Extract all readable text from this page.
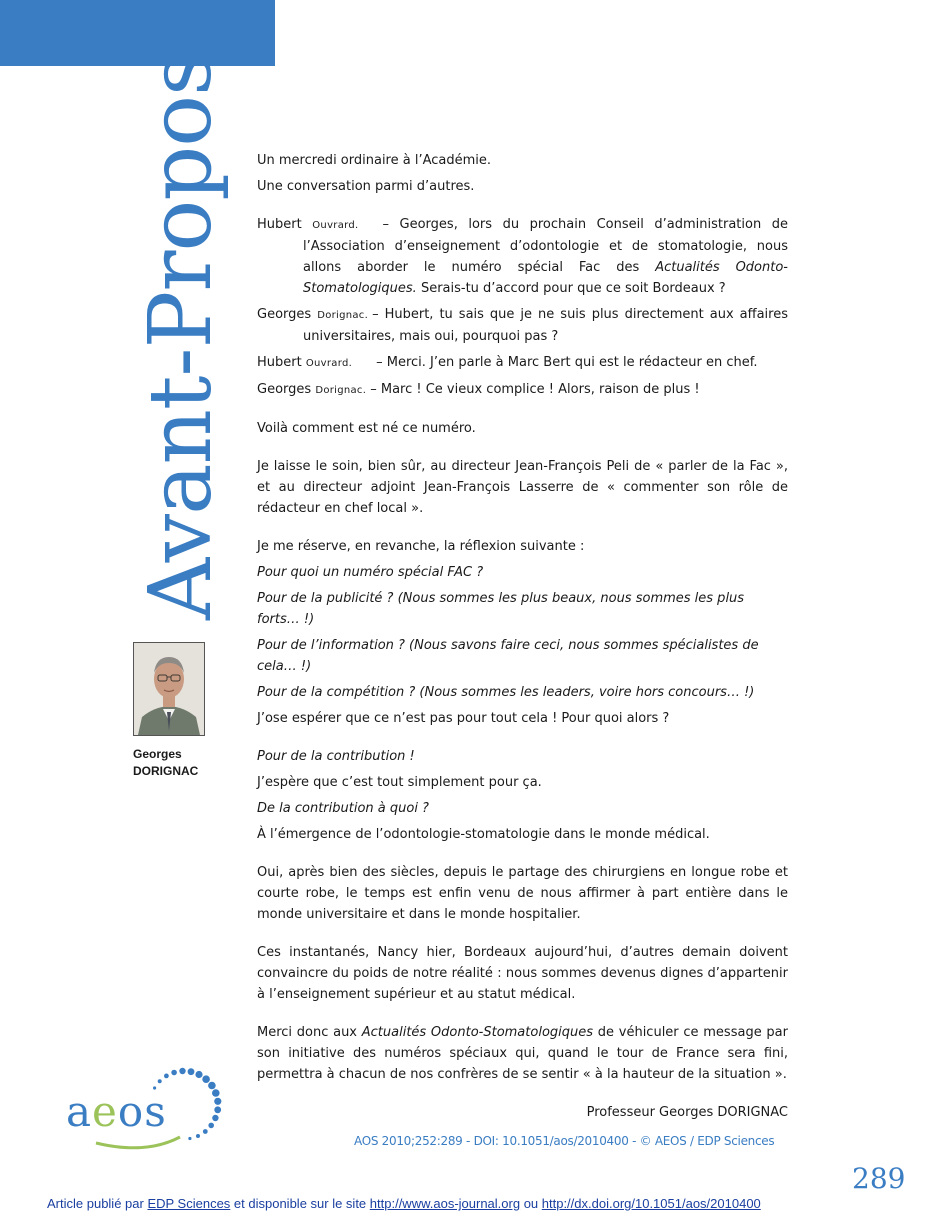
Avant-Propos
Georges
DORIGNAC

Un mercredi ordinaire à l’Académie.

Une conversation parmi d’autres.

Hubert Ouvrard. – Georges, lors du prochain Conseil d’administration de l’Association d’enseignement d’odontologie et de stomatologie, nous allons aborder le numéro spécial Fac des Actualités Odonto-Stomatologiques. Serais-tu d’accord pour que ce soit Bordeaux ?

Georges Dorignac. – Hubert, tu sais que je ne suis plus directement aux affaires universitaires, mais oui, pourquoi pas ?

Hubert Ouvrard. – Merci. J’en parle à Marc Bert qui est le rédacteur en chef.

Georges Dorignac. – Marc ! Ce vieux complice ! Alors, raison de plus !

Voilà comment est né ce numéro.

Je laisse le soin, bien sûr, au directeur Jean-François Peli de « parler de la Fac », et au directeur adjoint Jean-François Lasserre de « commenter son rôle de rédacteur en chef local ».

Je me réserve, en revanche, la réflexion suivante :

Pour quoi un numéro spécial FAC ?

Pour de la publicité ? (Nous sommes les plus beaux, nous sommes les plus forts… !)

Pour de l’information ? (Nous savons faire ceci, nous sommes spécialistes de cela… !)

Pour de la compétition ? (Nous sommes les leaders, voire hors concours… !)

J’ose espérer que ce n’est pas pour tout cela ! Pour quoi alors ?

Pour de la contribution !

J’espère que c’est tout simplement pour ça.

De la contribution à quoi ?

À l’émergence de l’odontologie-stomatologie dans le monde médical.

Oui, après bien des siècles, depuis le partage des chirurgiens en longue robe et courte robe, le temps est enfin venu de nous affirmer à part entière dans le monde universitaire et dans le monde hospitalier.

Ces instantanés, Nancy hier, Bordeaux aujourd’hui, d’autres demain doivent convaincre du poids de notre réalité : nous sommes devenus dignes d’appartenir à l’enseignement supérieur et au statut médical.

Merci donc aux Actualités Odonto-Stomatologiques de véhiculer ce message par son initiative des numéros spéciaux qui, quand le tour de France sera fini, permettra à chacun de nos confrères de se sentir « à la hauteur de la situation ».

Professeur Georges DORIGNAC

aeos
AOS 2010;252:289 - DOI: 10.1051/aos/2010400 - © AEOS / EDP Sciences
289
Article publié par EDP Sciences et disponible sur le site http://www.aos-journal.org ou http://dx.doi.org/10.1051/aos/2010400
